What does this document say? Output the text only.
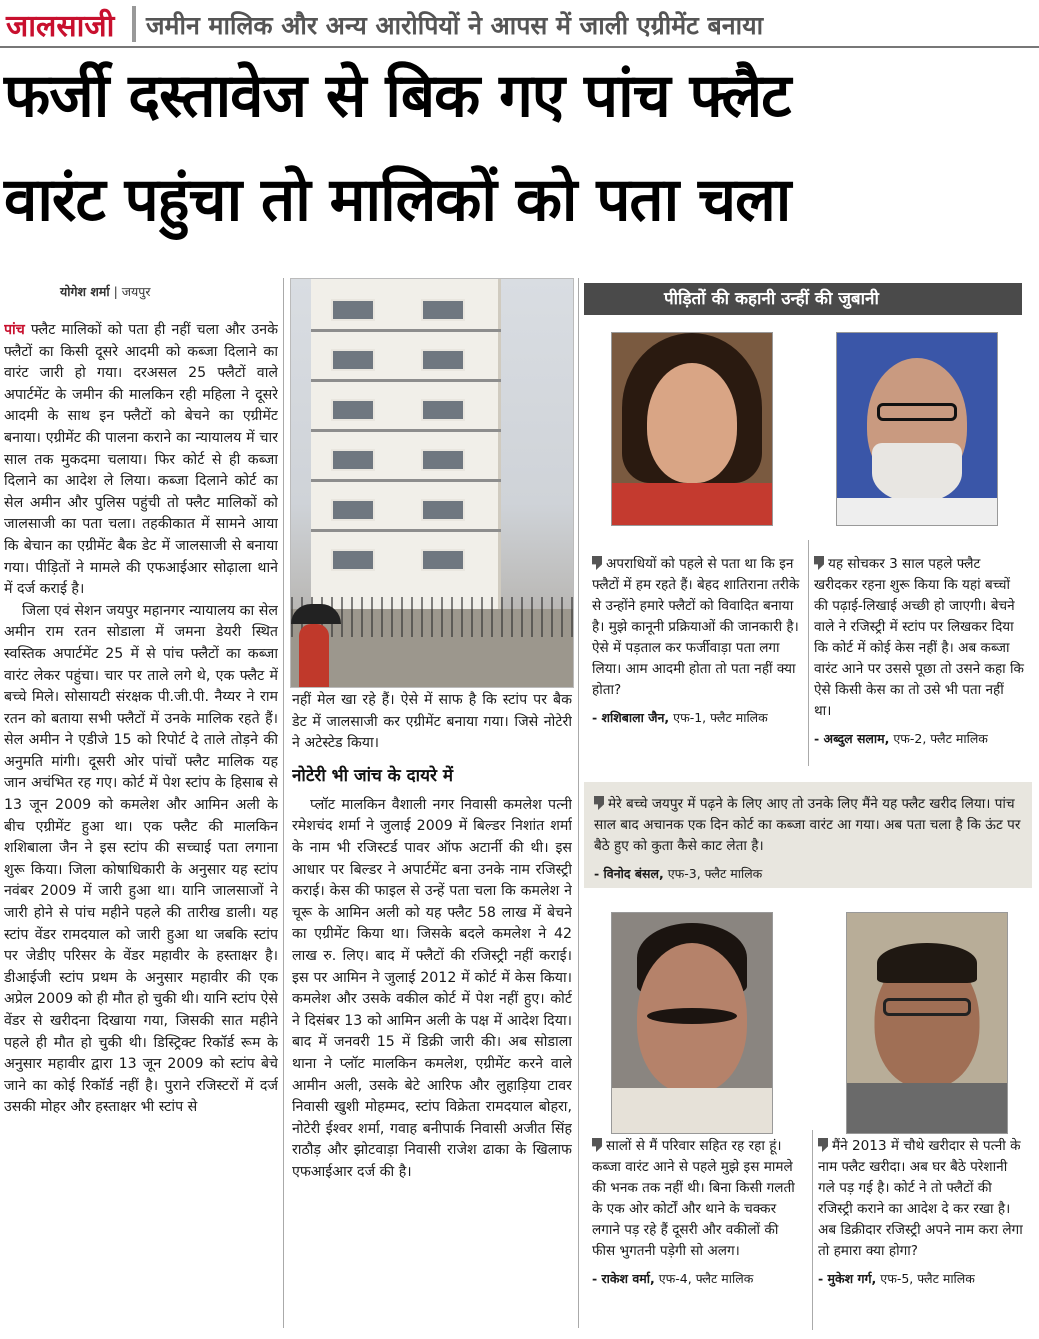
जालसाजी जमीन मालिक और अन्य आरोपियों ने आपस में जाली एग्रीमेंट बनाया
फर्जी दस्तावेज से बिक गए पांच फ्लैट
वारंट पहुंचा तो मालिकों को पता चला
योगेश शर्मा | जयपुर

पांच फ्लैट मालिकों को पता ही नहीं चला और उनके फ्लैटों का किसी दूसरे आदमी को कब्जा दिलाने का वारंट जारी हो गया। दरअसल 25 फ्लैटों वाले अपार्टमेंट के जमीन की मालकिन रही महिला ने दूसरे आदमी के साथ इन फ्लैटों को बेचने का एग्रीमेंट बनाया। एग्रीमेंट की पालना कराने का न्यायालय में चार साल तक मुकदमा चलाया। फिर कोर्ट से ही कब्जा दिलाने का आदेश ले लिया। कब्जा दिलाने कोर्ट का सेल अमीन और पुलिस पहुंची तो फ्लैट मालिकों को जालसाजी का पता चला। तहकीकात में सामने आया कि बेचान का एग्रीमेंट बैक डेट में जालसाजी से बनाया गया। पीड़ितों ने मामले की एफआईआर सोढ़ाला थाने में दर्ज कराई है।

जिला एवं सेशन जयपुर महानगर न्यायालय का सेल अमीन राम रतन सोडाला में जमना डेयरी स्थित स्वस्तिक अपार्टमेंट 25 में से पांच फ्लैटों का कब्जा वारंट लेकर पहुंचा। चार पर ताले लगे थे, एक फ्लैट में बच्चे मिले। सोसायटी संरक्षक पी.जी.पी. नैय्यर ने राम रतन को बताया सभी फ्लैटों में उनके मालिक रहते हैं। सेल अमीन ने एडीजे 15 को रिपोर्ट दे ताले तोड़ने की अनुमति मांगी। दूसरी ओर पांचों फ्लैट मालिक यह जान अचंभित रह गए। कोर्ट में पेश स्टांप के हिसाब से 13 जून 2009 को कमलेश और आमिन अली के बीच एग्रीमेंट हुआ था। एक फ्लैट की मालकिन शशिबाला जैन ने इस स्टांप की सच्चाई पता लगाना शुरू किया। जिला कोषाधिकारी के अनुसार यह स्टांप नवंबर 2009 में जारी हुआ था। यानि जालसाजों ने जारी होने से पांच महीने पहले की तारीख डाली। यह स्टांप वेंडर रामदयाल को जारी हुआ था जबकि स्टांप पर जेडीए परिसर के वेंडर महावीर के हस्ताक्षर है। डीआईजी स्टांप प्रथम के अनुसार महावीर की एक अप्रेल 2009 को ही मौत हो चुकी थी। यानि स्टांप ऐसे वेंडर से खरीदना दिखाया गया, जिसकी सात महीने पहले ही मौत हो चुकी थी। डिस्ट्रिक्ट रिकॉर्ड रूम के अनुसार महावीर द्वारा 13 जून 2009 को स्टांप बेचे जाने का कोई रिकॉर्ड नहीं है। पुराने रजिस्टरों में दर्ज उसकी मोहर और हस्ताक्षर भी स्टांप से

नहीं मेल खा रहे हैं। ऐसे में साफ है कि स्टांप पर बैक डेट में जालसाजी कर एग्रीमेंट बनाया गया। जिसे नोटेरी ने अटेस्टेड किया।

नोटेरी भी जांच के दायरे में

प्लॉट मालकिन वैशाली नगर निवासी कमलेश पत्नी रमेशचंद शर्मा ने जुलाई 2009 में बिल्डर निशांत शर्मा के नाम भी रजिस्टर्ड पावर ऑफ अटार्नी की थी। इस आधार पर बिल्डर ने अपार्टमेंट बना उनके नाम रजिस्ट्री कराई। केस की फाइल से उन्हें पता चला कि कमलेश ने चूरू के आमिन अली को यह फ्लैट 58 लाख में बेचने का एग्रीमेंट किया था। जिसके बदले कमलेश ने 42 लाख रु. लिए। बाद में फ्लैटों की रजिस्ट्री नहीं कराई। इस पर आमिन ने जुलाई 2012 में कोर्ट में केस किया। कमलेश और उसके वकील कोर्ट में पेश नहीं हुए। कोर्ट ने दिसंबर 13 को आमिन अली के पक्ष में आदेश दिया। बाद में जनवरी 15 में डिक्री जारी की। अब सोडाला थाना ने प्लॉट मालकिन कमलेश, एग्रीमेंट करने वाले आमीन अली, उसके बेटे आरिफ और लुहाड़िया टावर निवासी खुशी मोहम्मद, स्टांप विक्रेता रामदयाल बोहरा, नोटेरी ईश्वर शर्मा, गवाह बनीपार्क निवासी अजीत सिंह राठौड़ और झोटवाड़ा निवासी राजेश ढाका के खिलाफ एफआईआर दर्ज की है।

पीड़ितों की कहानी उन्हीं की जुबानी
अपराधियों को पहले से पता था कि इन फ्लैटों में हम रहते हैं। बेहद शातिराना तरीके से उन्होंने हमारे फ्लैटों को विवादित बनाया है। मुझे कानूनी प्रक्रियाओं की जानकारी है। ऐसे में पड़ताल कर फर्जीवाड़ा पता लगा लिया। आम आदमी होता तो पता नहीं क्या होता?
- शशिबाला जैन, एफ-1, फ्लैट मालिक
यह सोचकर 3 साल पहले फ्लैट खरीदकर रहना शुरू किया कि यहां बच्चों की पढ़ाई-लिखाई अच्छी हो जाएगी। बेचने वाले ने रजिस्ट्री में स्टांप पर लिखकर दिया कि कोर्ट में कोई केस नहीं है। अब कब्जा वारंट आने पर उससे पूछा तो उसने कहा कि ऐसे किसी केस का तो उसे भी पता नहीं था।
- अब्दुल सलाम, एफ-2, फ्लैट मालिक
मेरे बच्चे जयपुर में पढ़ने के लिए आए तो उनके लिए मैंने यह फ्लैट खरीद लिया। पांच साल बाद अचानक एक दिन कोर्ट का कब्जा वारंट आ गया। अब पता चला है कि ऊंट पर बैठे हुए को कुता कैसे काट लेता है।
- विनोद बंसल, एफ-3, फ्लैट मालिक
सालों से मैं परिवार सहित रह रहा हूं। कब्जा वारंट आने से पहले मुझे इस मामले की भनक तक नहीं थी। बिना किसी गलती के एक ओर कोर्टों और थाने के चक्कर लगाने पड़ रहे हैं दूसरी और वकीलों की फीस भुगतनी पड़ेगी सो अलग।
- राकेश वर्मा, एफ-4, फ्लैट मालिक
मैंने 2013 में चौथे खरीदार से पत्नी के नाम फ्लैट खरीदा। अब घर बैठे परेशानी गले पड़ गई है। कोर्ट ने तो फ्लैटों की रजिस्ट्री कराने का आदेश दे कर रखा है। अब डिक्रीदार रजिस्ट्री अपने नाम करा लेगा तो हमारा क्या होगा?
- मुकेश गर्ग, एफ-5, फ्लैट मालिक
